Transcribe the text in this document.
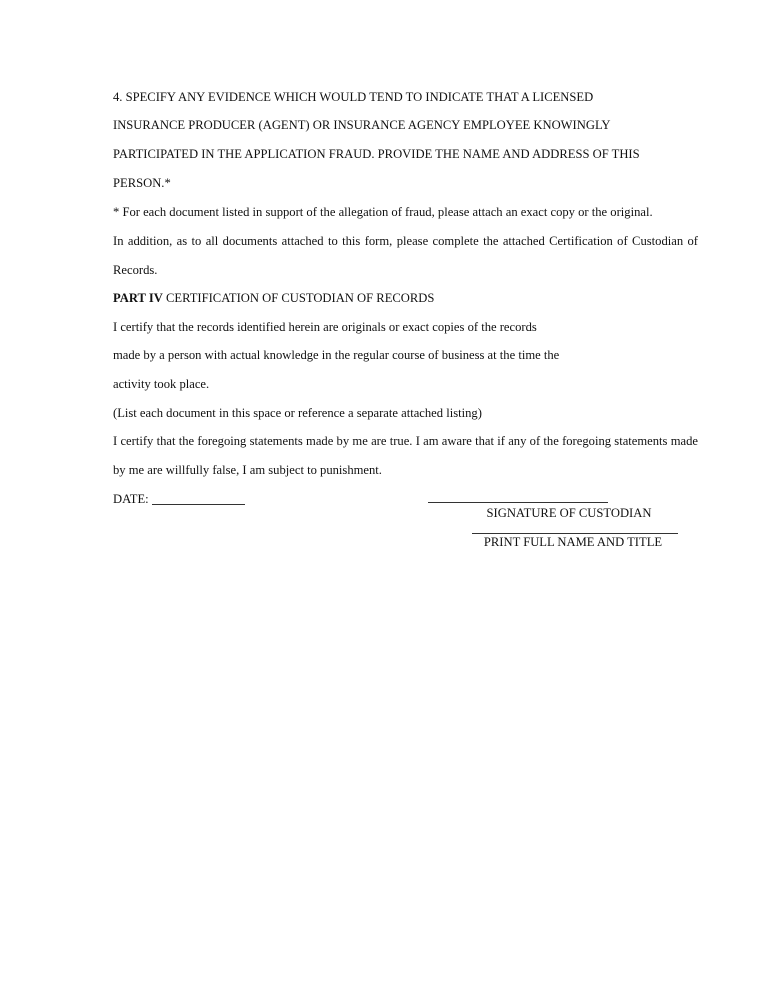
4. SPECIFY ANY EVIDENCE WHICH WOULD TEND TO INDICATE THAT A LICENSED
INSURANCE PRODUCER (AGENT) OR INSURANCE AGENCY EMPLOYEE KNOWINGLY
PARTICIPATED IN THE APPLICATION FRAUD. PROVIDE THE NAME AND ADDRESS OF THIS
PERSON.*
* For each document listed in support of the allegation of fraud, please attach an exact copy or the original.
In addition, as to all documents attached to this form, please complete the attached Certification of Custodian of
Records.
PART IV CERTIFICATION OF CUSTODIAN OF RECORDS
I certify that the records identified herein are originals or exact copies of the records
made by a person with actual knowledge in the regular course of business at the time the
activity took place.
(List each document in this space or reference a separate attached listing)
I certify that the foregoing statements made by me are true. I am aware that if any of the foregoing statements made
by me are willfully false, I am subject to punishment.
DATE:
SIGNATURE OF CUSTODIAN
PRINT FULL NAME AND TITLE
